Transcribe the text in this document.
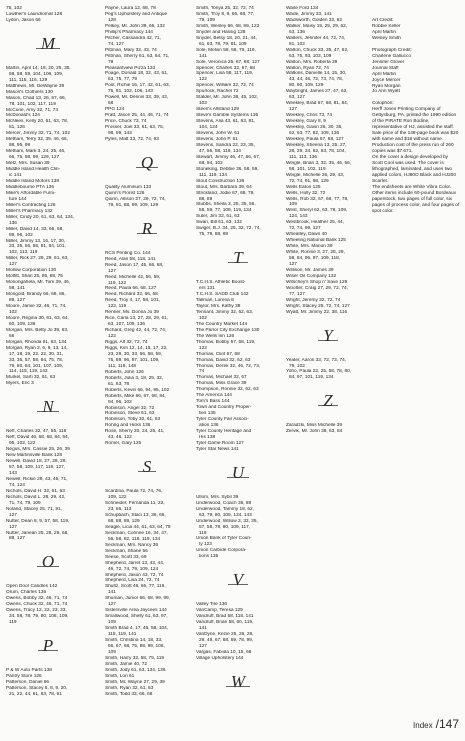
75, 102
Lowther's Laundromat 128
Lydon, Jason 66
M
Martin, April 14, 18, 20, 25, 35,
58, 58, 59, 104, 106, 109,
111, 115, 116, 129
Matthews, Mr. DeWayne 39
Mason's Clothiers 130
Mason, Chad 13, 26, 57, 66,
78, 101, 102, 117, 119
McCune, Amy 32, 71, 74
McDonald's 124
McNees, Kelly 20, 61, 63, 78,
81, 126
Mercer, Jimmy 32, 71, 74, 102
Metham, Terry 32, 35, 46, 66,
88, 95, 99
Metham, Mark 3, 24, 25, 46,
66, 75, 98, 99, 129, 127
Metz, Mrs. Susan 39
Middle Island Health Clin-
ic 141
Middle Island Motors 139
Middlebourne PTA 136
Mike's Affordable Furni-
ture 144
Miller's Contracting 126
Miller's Pharmacy 132
Miller, Cindy 20, 61, 63, 64, 134,
136
Miller, David 14, 33, 66, 68,
89, 96, 102
Miller, Jimmy 13, 16, 17, 30,
33, 35, 56, 58, 81, 84, 101,
102, 113, 119
Miller, Rick 27, 28, 29, 61, 63,
127
Mollow Corporation 130
Moffitt, Shari 25, 86, 68, 75
Monongahela, Mr. Tom 39, 46,
58, 141
Mongold, Brandy 66, 68, 86,
89, 127
Moore, Jamie 32, 46, 71, 74,
102
Moore, Regina 30, 61, 63, 64,
60, 109, 136
Morgan, Mrs. Betty Jo 39, 63,
66
Morgan, Rhonda 61, 63, 134
Morgan, Ryan 2, 6, 9, 13, 14,
17, 18, 19, 22, 22, 30, 31,
33, 35, 57, 58, 64, 75, 78,
79, 80, 84, 101, 107, 109,
114, 115, 119, 143
Murkel, Sarti 32, 61, 63
Myers, Eric 3
N
Neff, Charles 32, 47, 55, 119
Neff, David 46, 68, 68, 84, 94,
95, 102, 122
Negus, Mrs. Cassie 25, 26, 39
New Martinsville Bank 128
Newell, David 18, 27, 28, 29,
57, 58, 109, 117, 119, 127,
143
Newell, Rickie 29, 43, 46, 71,
74, 124
Nichols, David H. 32, 61, 63
Nichols, David L. 28, 29, 42,
71, 74, 79, 109
Noland, Stacey 25, 71, 91,
127
Nutter, Dean 8, 9, 57, 58, 119,
127
Nutter, Janean 25, 28, 29, 68,
88, 127
O
Open Door Candles 142
Orum, Charles 136
Owens, Bobby 32, 46, 71, 74
Owens, Chuck 32, 46, 71, 74
Owens, Tracy 12, 22, 23, 33,
34, 58, 78, 79, 80, 108, 109,
119
P
P & W Auto Parts 138
Pantry Store 126
Patterson, Daniel 66
Patterson, Stacey 5, 8, 9, 20,
21, 22, 44, 61, 63, 78, 91
Payne, Laura 12, 68, 78
Peg's Upholstery and Antique
128
Pelkey, Mr. John 39, 66, 132
Phillip's Pharmacy 144
Pitcher, Cassandra 42, 71,
74, 127
Pittman, Mary 32, 43, 74
Pittman, Sherry 61, 63, 64, 71,
79
Pleasantview Pizza 133
Poage, Donald 18, 32, 43, 61,
63, 75, 77, 79
Post, Richie 16, 17, 42, 61, 63,
75, 81, 102, 106, 143
Powell, Mr. Dennis 33, 39, 43,
68
PPG 124
Pratt, Jason 25, 44, 46, 71, 74
Price, Chuck 73, 74
Prosser, Joel 33, 61, 63, 75,
98, 99, 143
Pyles, Matt 33, 72, 74, 93
Q
Quality Aluminum 133
Quinn's Florist 126
Quinn, Allison 27, 29, 72, 74,
79, 91, 88, 99, 109, 129
R
RCS Printing Co. 144
Reed, Alan 58, 118, 141
Reed, Jason 17, 45, 66, 68,
127
Reed, Michelle 42, 56, 59,
119, 122
Reed, Paula 66, 68, 127
Reed, Richard 32, 66, 68
Reed, Troy 4, 17, 58, 101,
122, 119
Renner, Ms. Donna Jo 39
Rice, Carla 13, 27, 28, 29, 61,
63, 107, 109, 136
Richard, Greg 42, 44, 72, 74,
122
Riggs, Alf 32, 72, 74
Riggs, Kim 12, 14, 15, 17, 22,
23, 29, 30, 33, 56, 58, 59,
75, 89, 96, 97, 101, 109,
111, 119, 148
Roberts, John 126
Roberts, Julia 3, 18, 25, 32,
61, 63, 78
Roberts, Kevin 66, 94, 95, 102
Roberts, Mike 66, 67, 68, 84,
94, 96, 102
Robinson, Angel 32, 72
Robinson, Steve 61, 63
Robinson, Toby 32, 61, 63
Rohrig and Hicks 136
Rose, Sherry 20, 24, 25, 41,
43, 46, 122
Romer, Gary 125
S
Scardina, Paula 72, 74, 76,
109, 122
Schneider, Fernanda 11, 22,
23, 66, 113
Schupbach, Staci 13, 36, 66,
68, 88, 89, 129
Seagle, Licia 44, 61, 63, 64, 79
Seckman, Corinne 16, 34, 47,
56, 58, 82, 118, 119, 134
Seckman, Mrs. Nancy 39
Seckman, Shane 56
Seese, Scott 33, 69
Shepherd, Jarret 13, 43, 44,
46, 72, 74, 79, 109, 124
Shepherd, Jason 43, 72, 74
Shepherd, Lisa 24, 72, 74
Shultz, Scott 46, 66, 77, 119,
141
Shuman, Junior 66, 68, 99, 99,
127
Sistersville Area Jaycees 144
Smallwood, Shelly 61, 63, 97,
109
Smith Brad 4, 17, 46, 58, 104,
115, 119, 141
Smith, Christina 14, 18, 33,
66, 67, 68, 75, 88, 99, 106,
109
Smith, Harry 32, 58, 75, 119
Smith, Jamie 40, 72
Smith, Jody 61, 63, 134, 136
Smith, Lori 61
Smith, Mr. Wayne 27, 29, 39
Smith, Ryan 32, 61, 63
Smith, Todd 33, 66, 68
Smith, Tonya 25, 32, 72, 74
Smith, Troy 8, 9, 66, 68, 77,
79, 109
Smith, Wesley 66, 68, 99, 122
Snyder and Hassig 128
Snyder, Betsy 18, 20, 21, 44,
61, 63, 78, 79, 81, 109
Sole, Melvin 58, 58, 76, 119,
141
Sole, Veronica 25, 67, 68, 127
Spencer, Charles 32, 67, 68
Spencer, Lisa 58, 117, 119,
122
Spencer, William 32, 72, 74
Spurlock, Rachel 72
Stalder, Mr. John 38, 45, 102,
103
Steen's Allstand 129
Steve's Gamble Systems 135
Stevens, Alia 43, 61, 63, 81,
104, 124
Stevens, John W. 61
Stevens, John P. 61
Stevens, Sandra 22, 23, 35,
47, 56, 58, 119, 134
Stewart, Jimmy 46, 47, 66, 67,
68, 94, 102
Stoneking, Debbie 36, 58, 59,
111, 119, 134
Stout Construction 136
Stout, Mrs. Barbara 39, 64
Strickland, Jodie 67, 68, 79,
88, 89
Stubbs, Sheila 3, 25, 35, 56,
58, 59, 77, 109, 119, 134
Suter, Jim 32, 61, 63
Swan, Bill 61, 63, 132
Swiger, B.J. 34, 25, 32, 72, 74,
75, 79, 88, 99
T
T.C.H.S. Athletic Boost-
ers 131
T.C.H.S. SADD Club 142
Tallman, Lorena 8
Taylor, Mrs. Kathy 38
Tennant, Jimmy 32, 62, 63,
102
The Country Market 144
The Parlor City Exchange 130
The Wells Inn 126
Thomas, Bobby 57, 58, 119,
122
Thomas, Clint 67, 68
Thomas, David 32, 62, 63
Thomas, Derek 32, 46, 72, 73,
74
Thomas, Michael 32, 67
Thomas, Miss Grace 39
Thompson, Ronnie 32, 62, 63
The America 144
Tom's Bass 144
Town and Country Proper-
ties 135
Tyler County Fair Associ-
ation 136
Tyler County Heritage and
His 138
Tyler Game Room 127
Tyler Star News 141
U
Ullom, Mrs. Sybil 39
Underwood, Coach 36, 89
Underwood, Tammy 18, 62,
63, 79, 80, 109, 134, 143
Underwood, Willow 3, 33, 35,
57, 58, 78, 80, 109, 117,
119
Union Bank of Tyler Coun-
ty 123
Union Carbide Corpora-
tions 135
V
Valley Tire 136
VanCamp, Teresa 129
Vandruff, Brad 58, 118, 141
Vandruff, Brian 58, 60, 119,
141
VanDyne, Kezie 25, 26, 28,
29, 49, 67, 68, 69, 78, 99,
127
Vargas, Fabiola 10, 15, 68
Village Upholstery 144
W
Waite Ford 134
Wade, Jimmy 33, 141
Wadsworth, Golden 32, 62
Walker, Maisy 15, 25, 29, 62,
63, 136
Walters, Jennifer 44, 72, 74,
81, 102
Walton, Chuck 33, 35, 47, 62,
63, 75, 93, 103, 109
Walton, Mrs. Roberta 39
Walton, Ryan 72, 74
Watkins, Danielle 14, 15, 30,
43, 44, 46, 72, 73, 74, 78,
80, 90, 109, 129
Waybright, James 27, 47, 62,
63, 127
Weekley, Brad 67, 68, 81, 84,
127
Weekley, Chris 73, 74
Weekley, Gary 8, 9
Weekley, Gavin 26, 30, 35,
62, 63, 77, 82, 109, 136
Weekley, Paula 67, 68, 127
Weekley, Sheena 13, 25, 27,
28, 29, 34, 62, 63, 78, 104,
111, 113, 136
Weigle, Brian 3, 32, 35, 46, 56,
58, 101, 102, 119
Weigle, Michelle 26, 29, 43,
72, 74, 91, 98, 129
Wells Eaton 125
Wells, Holly 32, 72
Wells, Rob 32, 67, 68, 77, 78,
109
West, Sheryl 62, 63, 78, 109,
124, 143
Westbrook, Heather 25, 44,
72, 74, 99, 127
Wheatley, Dawn 40
Wheeling National Bank 125
White, Mrs. Marion 39
White, Ronnie 3, 27, 28, 29,
58, 84, 96, 97, 109, 118,
127
Willison, Mr. James 39
Wiser Oil Company 132
Witschey's Shop n' Save 129
Woofter, Craig 27, 29, 72, 74,
77, 127
Wright, Jeremy 32, 72, 74
Wright, Stacey 25, 72, 74, 127
Wyatt, Mr. Jimmy 22, 38, 116
Y
Yeater, Aaron 33, 72, 73, 74,
79, 102
Yoho, Paula 22, 25, 58, 78, 80,
84, 97, 101, 119, 134
Z
Zaradzki, Miss Michelle 39
Zervik, Mr. John 38, 63, 84
Art Credit:
Robbie Keller
April Martin
Wesley Smith
Photograph Credit:
Charlene Gallucco
Jennifer Glover
Journal Staff
April Martin
Joyce Mercer
Ryan Morgan
Jo Ann Wyatt
Colophon:
Herff Jones Printing Company of Gettysburg, PA, printed the 1990 edition of the PIRATE Ron Bodine, representative of HJ, assisted the staff. Sale price of the 148-page book was $20 with name and $18 without name. Production cost of the press run of 260 copies was $7.671.
On the cover a design developed by Scott Cool was used. The cover is lithographed, laminated, and uses two applied colors, HJ80O Black and HJ200 Scarlet.
The endsheets are White Vibra Color. Other items include 60-pound Bordeaux paperstock, two pages of full color, six pages of process color, and four pages of spot color.
Index /147
